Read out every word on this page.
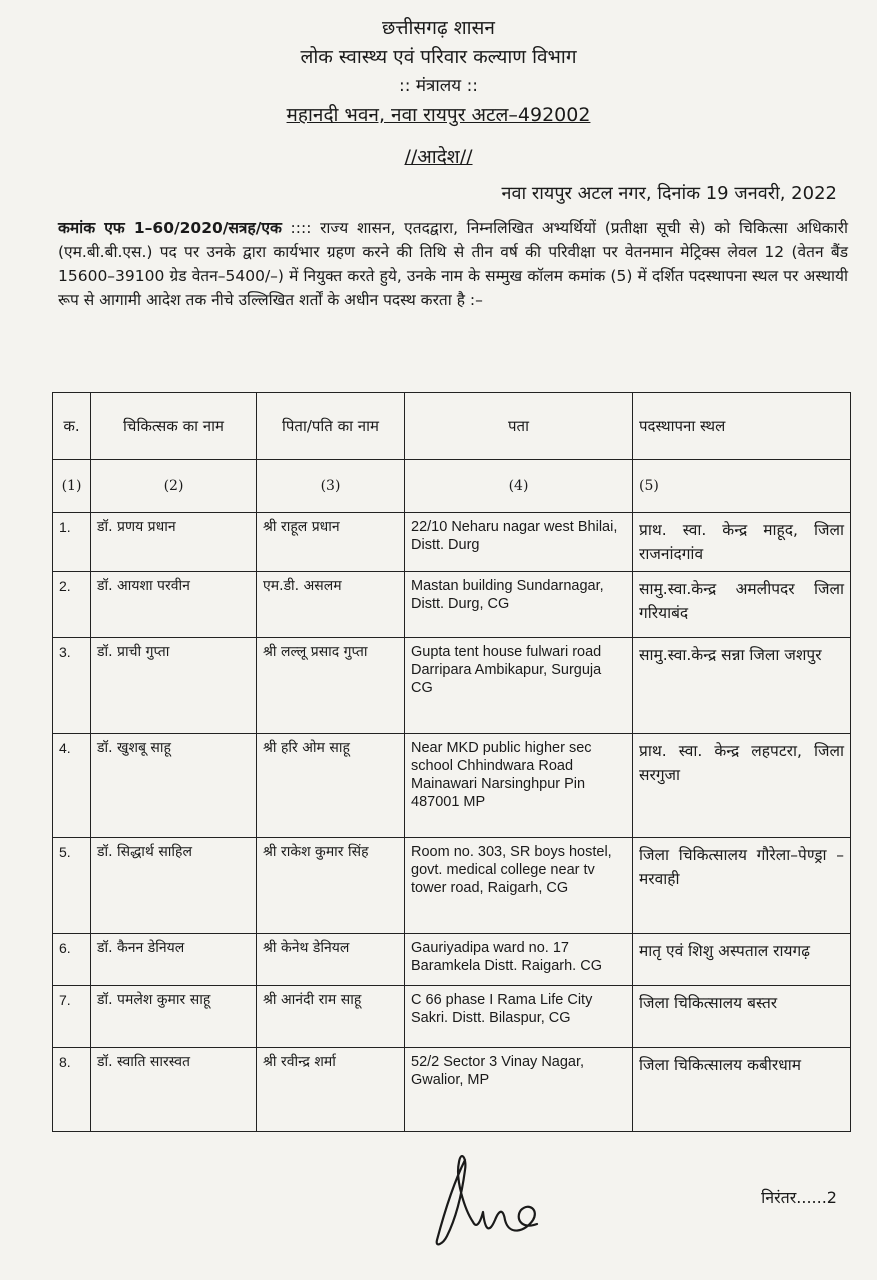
छत्तीसगढ़ शासन
लोक स्वास्थ्य एवं परिवार कल्याण विभाग
:: मंत्रालय ::
महानदी भवन, नवा रायपुर अटल–492002
//आदेश//
नवा रायपुर अटल नगर, दिनांक 19 जनवरी, 2022
कमांक एफ 1–60/2020/सत्रह/एक :::: राज्य शासन, एतदद्वारा, निम्नलिखित अभ्यर्थियों (प्रतीक्षा सूची से) को चिकित्सा अधिकारी (एम.बी.बी.एस.) पद पर उनके द्वारा कार्यभार ग्रहण करने की तिथि से तीन वर्ष की परिवीक्षा पर वेतनमान मेट्रिक्स लेवल 12 (वेतन बैंड 15600–39100 ग्रेड वेतन–5400/–) में नियुक्त करते हुये, उनके नाम के सम्मुख कॉलम कमांक (5) में दर्शित पदस्थापना स्थल पर अस्थायी रूप से आगामी आदेश तक नीचे उल्लिखित शर्तों के अधीन पदस्थ करता है :–
क.	चिकित्सक का नाम	पिता/पति का नाम	पता	पदस्थापना स्थल
(1)	(2)	(3)	(4)	(5)
1.	डॉ. प्रणय प्रधान	श्री राहूल प्रधान	22/10 Neharu nagar west Bhilai, Distt. Durg	प्राथ. स्वा. केन्द्र माहूद, जिला राजनांदगांव
2.	डॉ. आयशा परवीन	एम.डी. असलम	Mastan building Sundarnagar, Distt. Durg, CG	सामु.स्वा.केन्द्र अमलीपदर जिला गरियाबंद
3.	डॉ. प्राची गुप्ता	श्री लल्लू प्रसाद गुप्ता	Gupta tent house fulwari road Darripara Ambikapur, Surguja CG	सामु.स्वा.केन्द्र सन्ना जिला जशपुर
4.	डॉ. खुशबू साहू	श्री हरि ओम साहू	Near MKD public higher sec school Chhindwara Road Mainawari Narsinghpur Pin 487001 MP	प्राथ. स्वा. केन्द्र लहपटरा, जिला सरगुजा
5.	डॉ. सिद्धार्थ साहिल	श्री राकेश कुमार सिंह	Room no. 303, SR boys hostel, govt. medical college near tv tower road, Raigarh, CG	जिला चिकित्सालय गौरेला–पेण्ड्रा –मरवाही
6.	डॉ. कैनन डेनियल	श्री केनेथ डेनियल	Gauriyadipa ward no. 17 Baramkela Distt. Raigarh. CG	मातृ एवं शिशु अस्पताल रायगढ़
7.	डॉ. पमलेश कुमार साहू	श्री आनंदी राम साहू	C 66 phase I Rama Life City Sakri. Distt. Bilaspur, CG	जिला चिकित्सालय बस्तर
8.	डॉ. स्वाति सारस्वत	श्री रवीन्द्र शर्मा	52/2 Sector 3 Vinay Nagar, Gwalior, MP	जिला चिकित्सालय कबीरधाम
निरंतर......2
